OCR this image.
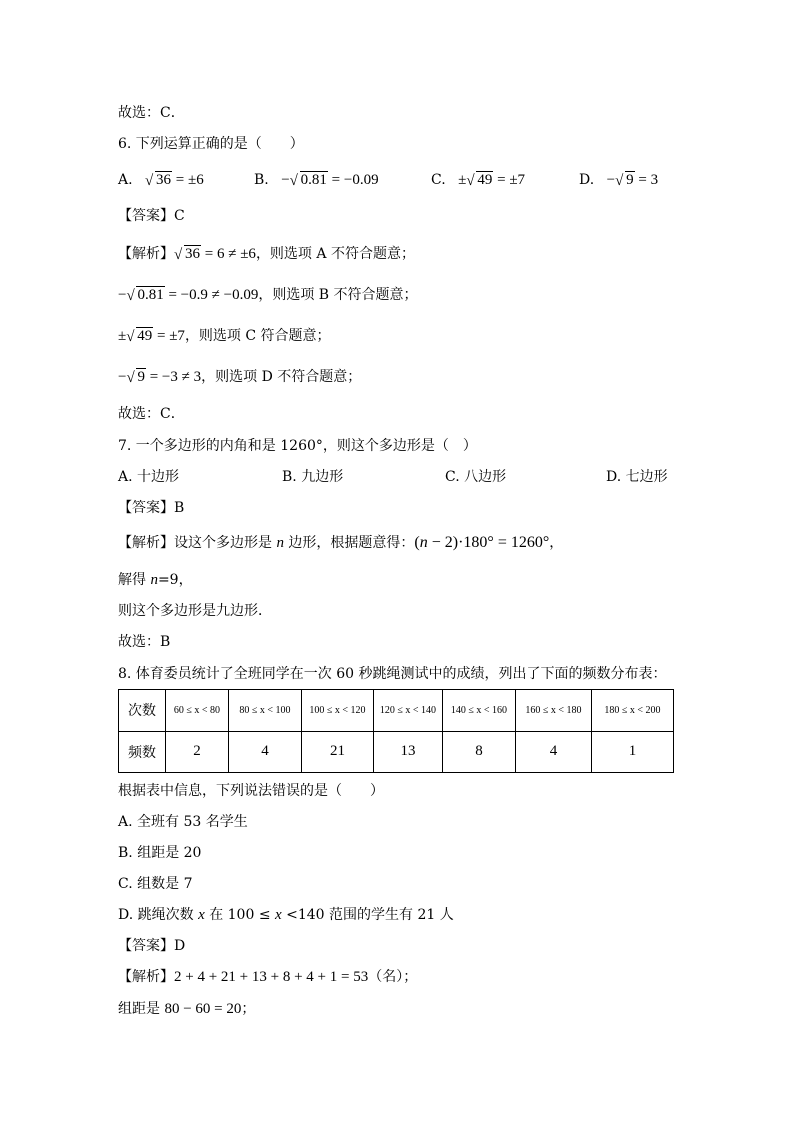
故选：C．
6. 下列运算正确的是（　　）
A. √ 36 = ±6	B. − √ 0.81 = −0.09	C. ± √ 49 = ±7	D. − √ 9 = 3
【答案】C
【解析】 √ 36 = 6 ≠ ±6，则选项 A 不符合题意；
− √ 0.81 = −0.9 ≠ −0.09，则选项 B 不符合题意；
± √ 49 = ±7，则选项 C 符合题意；
− √ 9 = −3 ≠ 3，则选项 D 不符合题意；
故选：C．
7. 一个多边形的内角和是 1260°，则这个多边形是（　）
A. 十边形	B. 九边形	C. 八边形	D. 七边形
【答案】B
【解析】设这个多边形是 n 边形，根据题意得：(n − 2)·180° = 1260°，
解得 n=9，
则这个多边形是九边形．
故选：B
8. 体育委员统计了全班同学在一次 60 秒跳绳测试中的成绩，列出了下面的频数分布表：
次数	60 ≤ x < 80	80 ≤ x < 100	100 ≤ x < 120	120 ≤ x < 140	140 ≤ x < 160	160 ≤ x < 180	180 ≤ x < 200
频数	2	4	21	13	8	4	1
根据表中信息，下列说法错误的是（　　）
A. 全班有 53 名学生
B. 组距是 20
C. 组数是 7
D. 跳绳次数 x 在 100 ≤ x <140 范围的学生有 21 人
【答案】D
【解析】2 + 4 + 21 + 13 + 8 + 4 + 1 = 53（名）；
组距是 80 − 60 = 20；
